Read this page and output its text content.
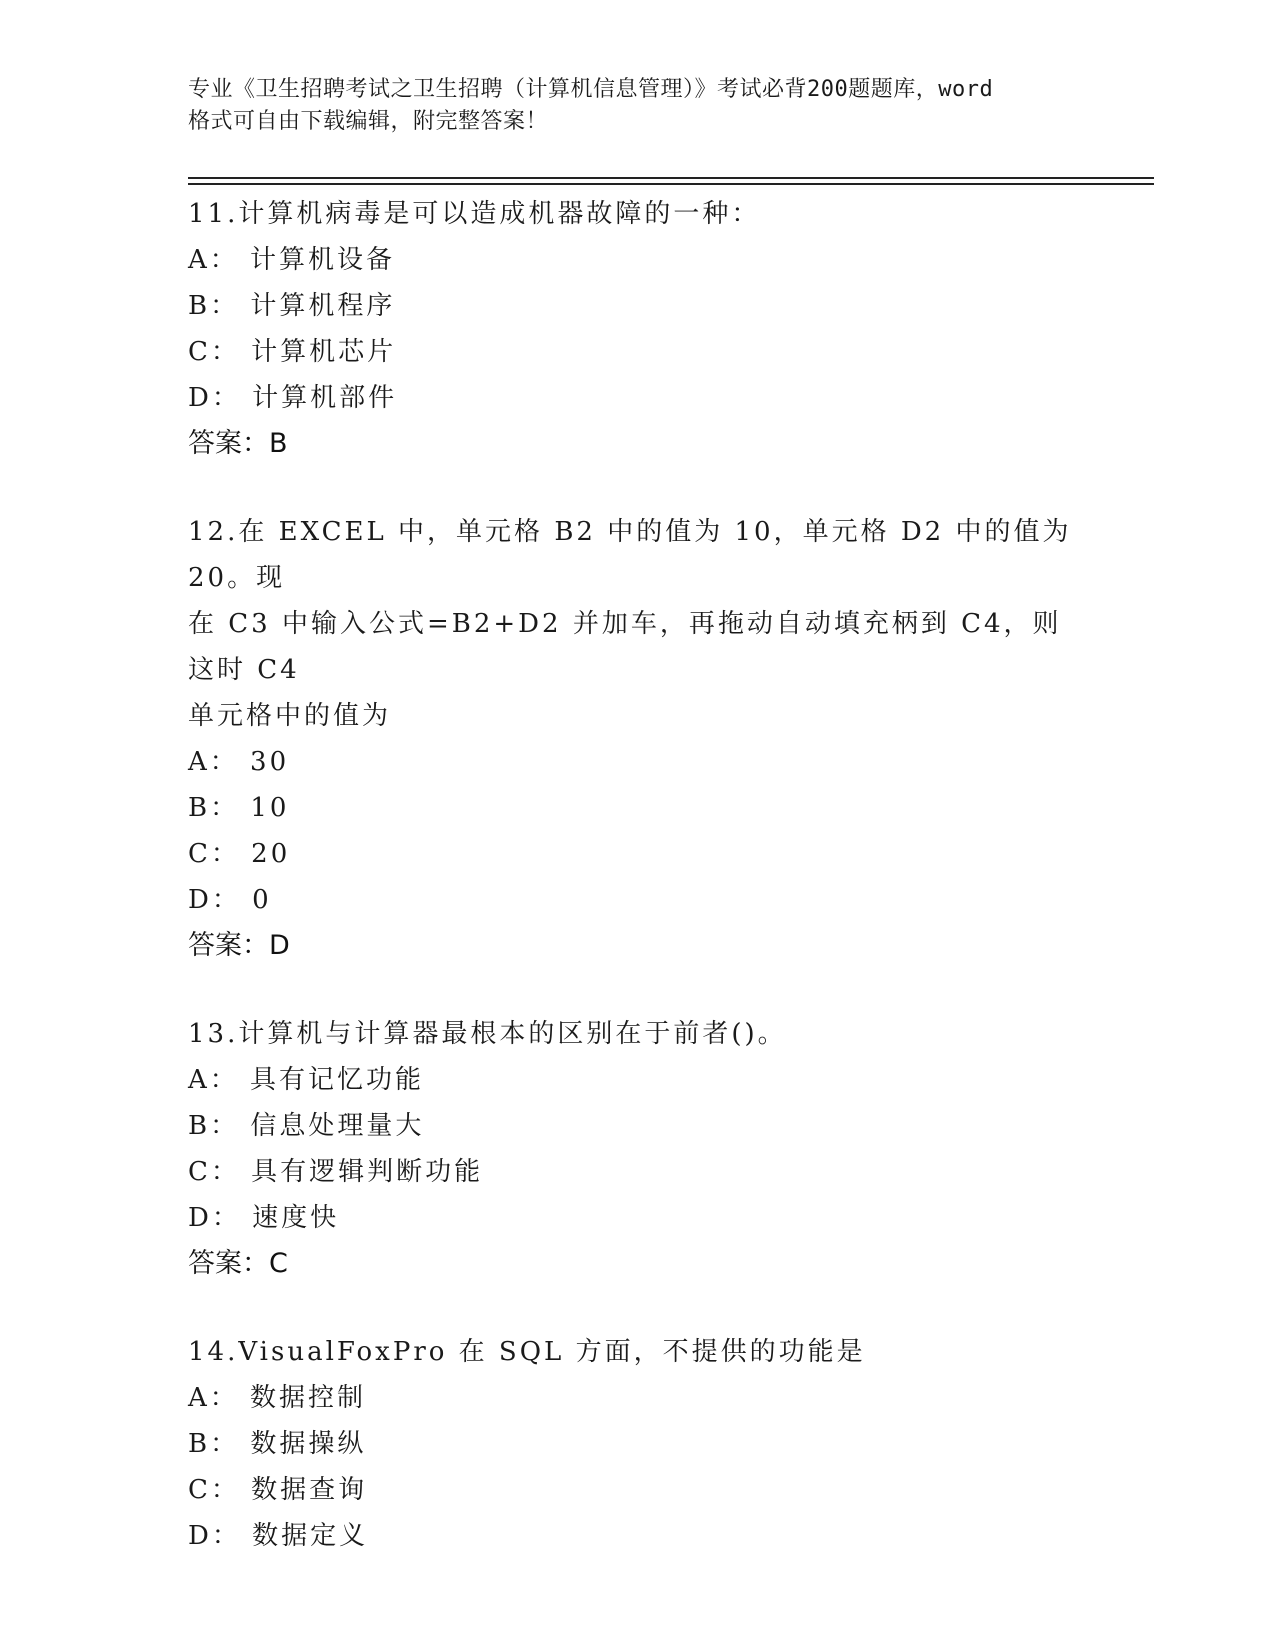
专业《卫生招聘考试之卫生招聘（计算机信息管理）》考试必背200题题库，word
格式可自由下载编辑，附完整答案！
11.计算机病毒是可以造成机器故障的一种：
A： 计算机设备
B： 计算机程序
C： 计算机芯片
D： 计算机部件
答案：B
12.在 EXCEL 中，单元格 B2 中的值为 10，单元格 D2 中的值为 20。现
在 C3 中输入公式=B2+D2 并加车，再拖动自动填充柄到 C4，则这时 C4
单元格中的值为
A： 30
B： 10
C： 20
D： 0
答案：D
13.计算机与计算器最根本的区别在于前者()。
A： 具有记忆功能
B： 信息处理量大
C： 具有逻辑判断功能
D： 速度快
答案：C
14.VisualFoxPro 在 SQL 方面，不提供的功能是
A： 数据控制
B： 数据操纵
C： 数据查询
D： 数据定义
